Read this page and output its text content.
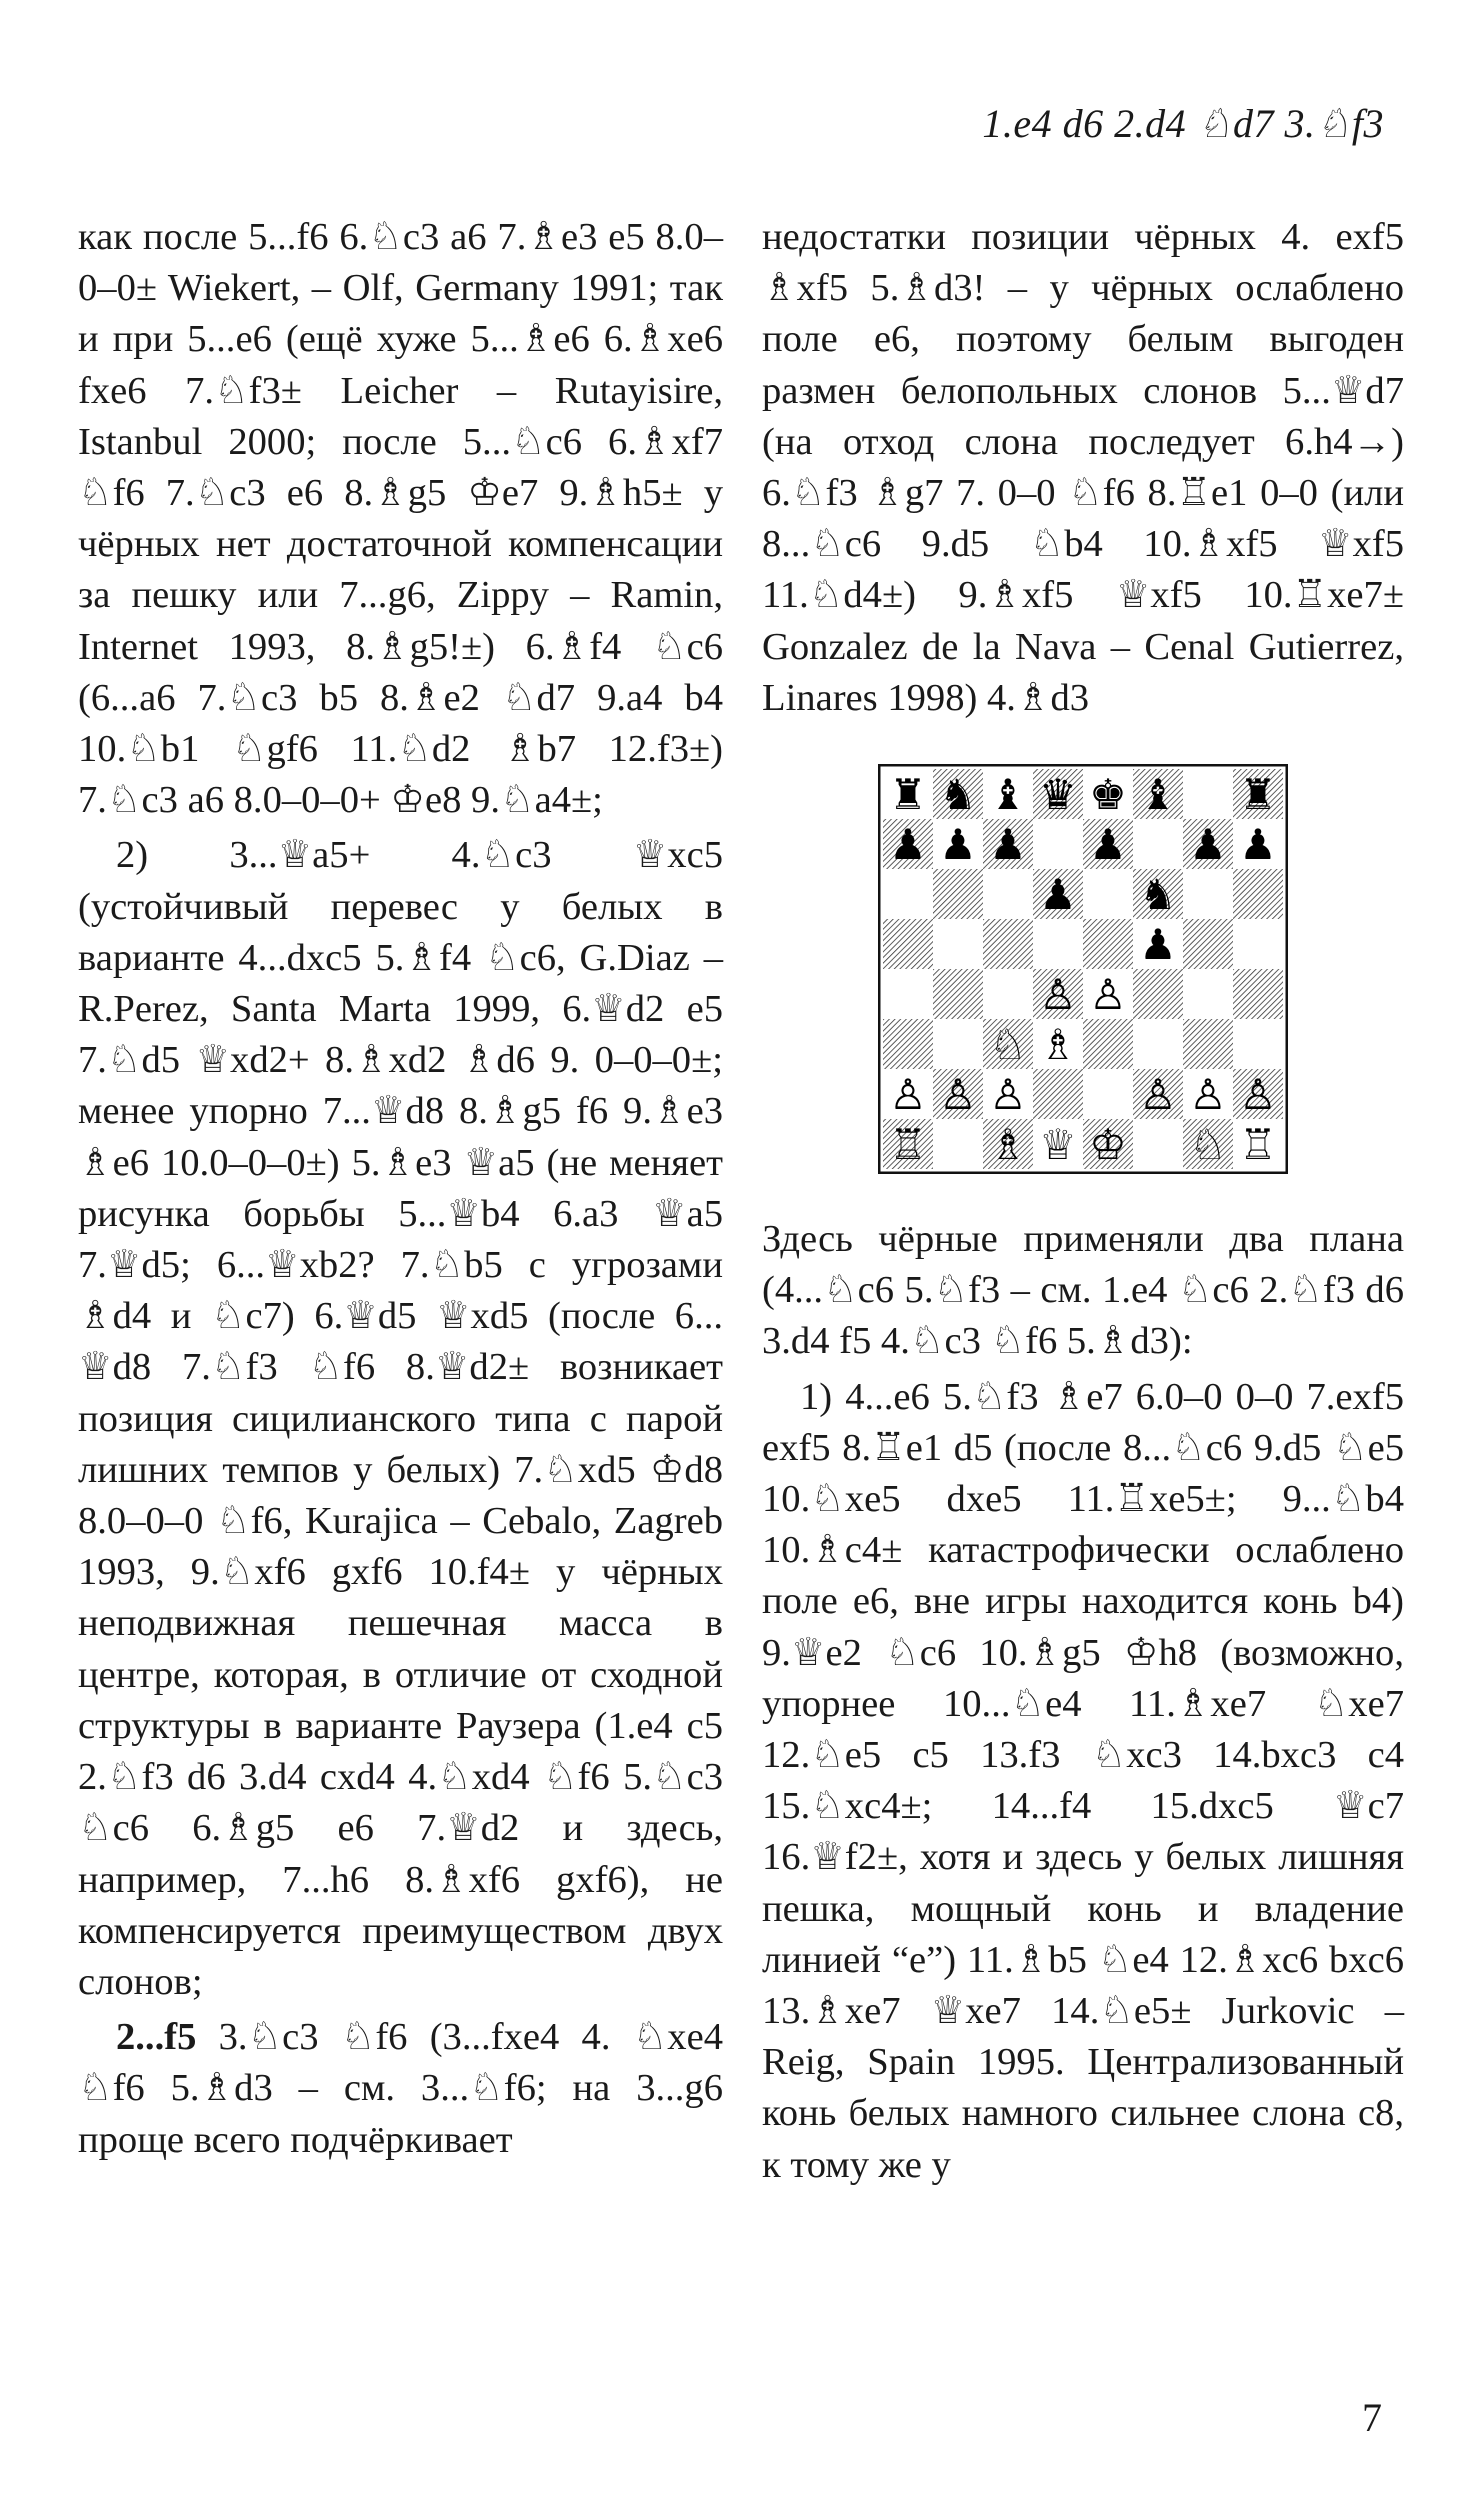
1.e4 d6 2.d4 ♘d7 3.♘f3

как после 5...f6 6.♘c3 a6 7.♗e3 e5 8.0–0–0± Wiekert, – Olf, Germany 1991; так и при 5...e6 (ещё хуже 5...♗e6 6.♗xe6 fxe6 7.♘f3± Leicher – Rutayisire, Istanbul 2000; после 5...♘c6 6.♗xf7 ♘f6 7.♘c3 e6 8.♗g5 ♔e7 9.♗h5± у чёрных нет достаточной компенсации за пешку или 7...g6, Zippy – Ramin, Internet 1993, 8.♗g5!±) 6.♗f4 ♘c6 (6...a6 7.♘c3 b5 8.♗e2 ♘d7 9.a4 b4 10.♘b1 ♘gf6 11.♘d2 ♗b7 12.f3±) 7.♘c3 a6 8.0–0–0+ ♔e8 9.♘a4±;

2) 3...♕a5+ 4.♘c3 ♕xc5 (устойчивый перевес у белых в варианте 4...dxc5 5.♗f4 ♘c6, G.Diaz – R.Perez, Santa Marta 1999, 6.♕d2 e5 7.♘d5 ♕xd2+ 8.♗xd2 ♗d6 9. 0–0–0±; менее упорно 7...♕d8 8.♗g5 f6 9.♗e3 ♗e6 10.0–0–0±) 5.♗e3 ♕a5 (не меняет рисунка борьбы 5...♕b4 6.a3 ♕a5 7.♕d5; 6...♕xb2? 7.♘b5 с угрозами ♗d4 и ♘c7) 6.♕d5 ♕xd5 (после 6... ♕d8 7.♘f3 ♘f6 8.♕d2± возникает позиция сицилианского типа с парой лишних темпов у белых) 7.♘xd5 ♔d8 8.0–0–0 ♘f6, Kurajica – Cebalo, Zagreb 1993, 9.♘xf6 gxf6 10.f4± у чёрных неподвижная пешечная масса в центре, которая, в отличие от сходной структуры в варианте Раузера (1.e4 c5 2.♘f3 d6 3.d4 cxd4 4.♘xd4 ♘f6 5.♘c3 ♘c6 6.♗g5 e6 7.♕d2 и здесь, например, 7...h6 8.♗xf6 gxf6), не компенсируется преимуществом двух слонов;

2...f5 3.♘c3 ♘f6 (3...fxe4 4. ♘xe4 ♘f6 5.♗d3 – см. 3...♘f6; на 3...g6 проще всего подчёркивает

недостатки позиции чёрных 4. exf5 ♗xf5 5.♗d3! – у чёрных ослаблено поле e6, поэтому белым выгоден размен белопольных слонов 5...♕d7 (на отход слона последует 6.h4→) 6.♘f3 ♗g7 7. 0–0 ♘f6 8.♖e1 0–0 (или 8...♘c6 9.d5 ♘b4 10.♗xf5 ♕xf5 11.♘d4±) 9.♗xf5 ♕xf5 10.♖xe7± Gonzalez de la Nava – Cenal Gutierrez, Linares 1998) 4.♗d3

♜ ♞ ♝ ♛ ♚ ♝ ♜
♟ ♟ ♟ ♟ ♟ ♟
♟ ♞
♟
♙ ♙
♘ ♗
♙ ♙ ♙	♙ ♙ ♙
♖ ♗ ♕ ♔ ♘ ♖

Здесь чёрные применяли два плана (4...♘c6 5.♘f3 – см. 1.e4 ♘c6 2.♘f3 d6 3.d4 f5 4.♘c3 ♘f6 5.♗d3):

1) 4...e6 5.♘f3 ♗e7 6.0–0 0–0 7.exf5 exf5 8.♖e1 d5 (после 8...♘c6 9.d5 ♘e5 10.♘xe5 dxe5 11.♖xe5±; 9...♘b4 10.♗c4± катастрофически ослаблено поле e6, вне игры находится конь b4) 9.♕e2 ♘c6 10.♗g5 ♔h8 (возможно, упорнее 10...♘e4 11.♗xe7 ♘xe7 12.♘e5 c5 13.f3 ♘xc3 14.bxc3 c4 15.♘xc4±; 14...f4 15.dxc5 ♕c7 16.♕f2±, хотя и здесь у белых лишняя пешка, мощный конь и владение линией “e”) 11.♗b5 ♘e4 12.♗xc6 bxc6 13.♗xe7 ♕xe7 14.♘e5± Jurkovic – Reig, Spain 1995. Централизованный конь белых намного сильнее слона c8, к тому же у

7
